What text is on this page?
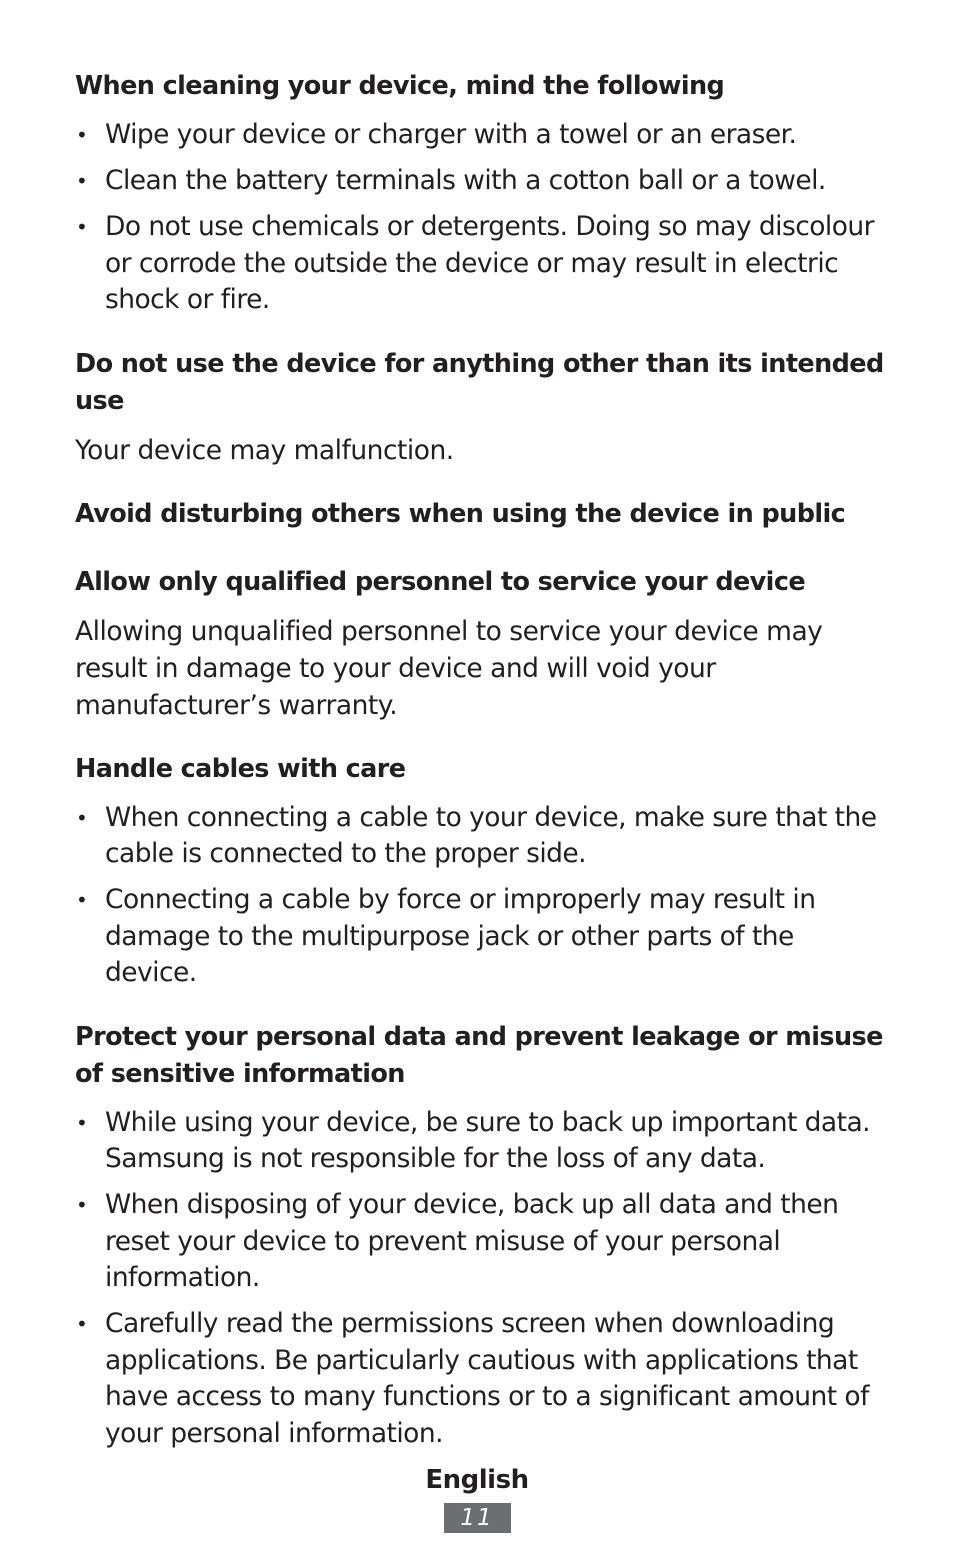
When cleaning your device, mind the following
• Wipe your device or charger with a towel or an eraser.
• Clean the battery terminals with a cotton ball or a towel.
• Do not use chemicals or detergents. Doing so may discolour or corrode the outside the device or may result in electric shock or fire.
Do not use the device for anything other than its intended use

Your device may malfunction.

Avoid disturbing others when using the device in public
Allow only qualified personnel to service your device

Allowing unqualified personnel to service your device may result in damage to your device and will void your manufacturer’s warranty.

Handle cables with care
• When connecting a cable to your device, make sure that the cable is connected to the proper side.
• Connecting a cable by force or improperly may result in damage to the multipurpose jack or other parts of the device.
Protect your personal data and prevent leakage or misuse of sensitive information
• While using your device, be sure to back up important data. Samsung is not responsible for the loss of any data.
• When disposing of your device, back up all data and then reset your device to prevent misuse of your personal information.
• Carefully read the permissions screen when downloading applications. Be particularly cautious with applications that have access to many functions or to a significant amount of your personal information.
English
11
